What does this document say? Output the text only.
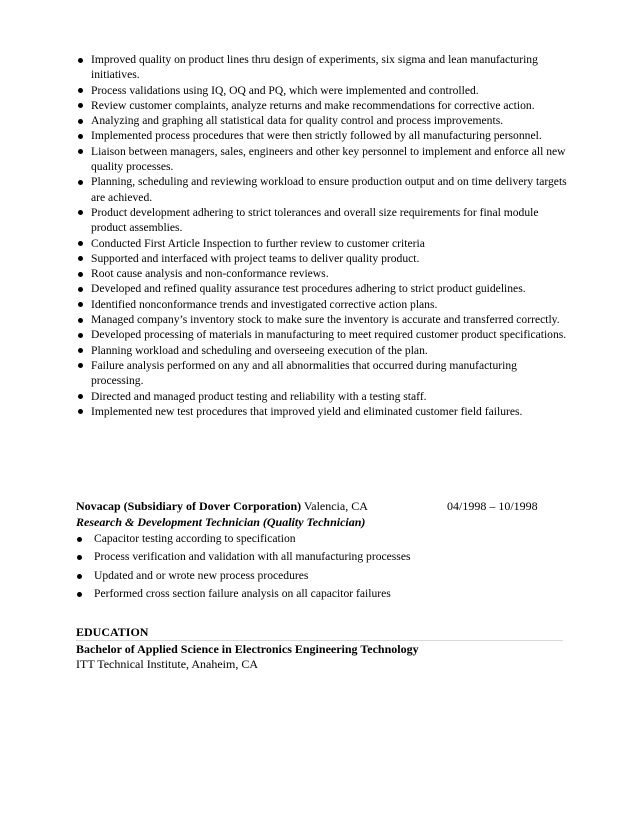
Improved quality on product lines thru design of experiments, six sigma and lean manufacturing initiatives.
Process validations using IQ, OQ and PQ, which were implemented and controlled.
Review customer complaints, analyze returns and make recommendations for corrective action.
Analyzing and graphing all statistical data for quality control and process improvements.
Implemented process procedures that were then strictly followed by all manufacturing personnel.
Liaison between managers, sales, engineers and other key personnel to implement and enforce all new quality processes.
Planning, scheduling and reviewing workload to ensure production output and on time delivery targets are achieved.
Product development adhering to strict tolerances and overall size requirements for final module product assemblies.
Conducted First Article Inspection to further review to customer criteria
Supported and interfaced with project teams to deliver quality product.
Root cause analysis and non-conformance reviews.
Developed and refined quality assurance test procedures adhering to strict product guidelines.
Identified nonconformance trends and investigated corrective action plans.
Managed company’s inventory stock to make sure the inventory is accurate and transferred correctly.
Developed processing of materials in manufacturing to meet required customer product specifications.
Planning workload and scheduling and overseeing execution of the plan.
Failure analysis performed on any and all abnormalities that occurred during manufacturing processing.
Directed and managed product testing and reliability with a testing staff.
Implemented new test procedures that improved yield and eliminated customer field failures.
Novacap (Subsidiary of Dover Corporation) Valencia, CA	04/1998 – 10/1998
Research & Development Technician (Quality Technician)
Capacitor testing according to specification
Process verification and validation with all manufacturing processes
Updated and or wrote new process procedures
Performed cross section failure analysis on all capacitor failures
EDUCATION
Bachelor of Applied Science in Electronics Engineering Technology
ITT Technical Institute, Anaheim, CA
